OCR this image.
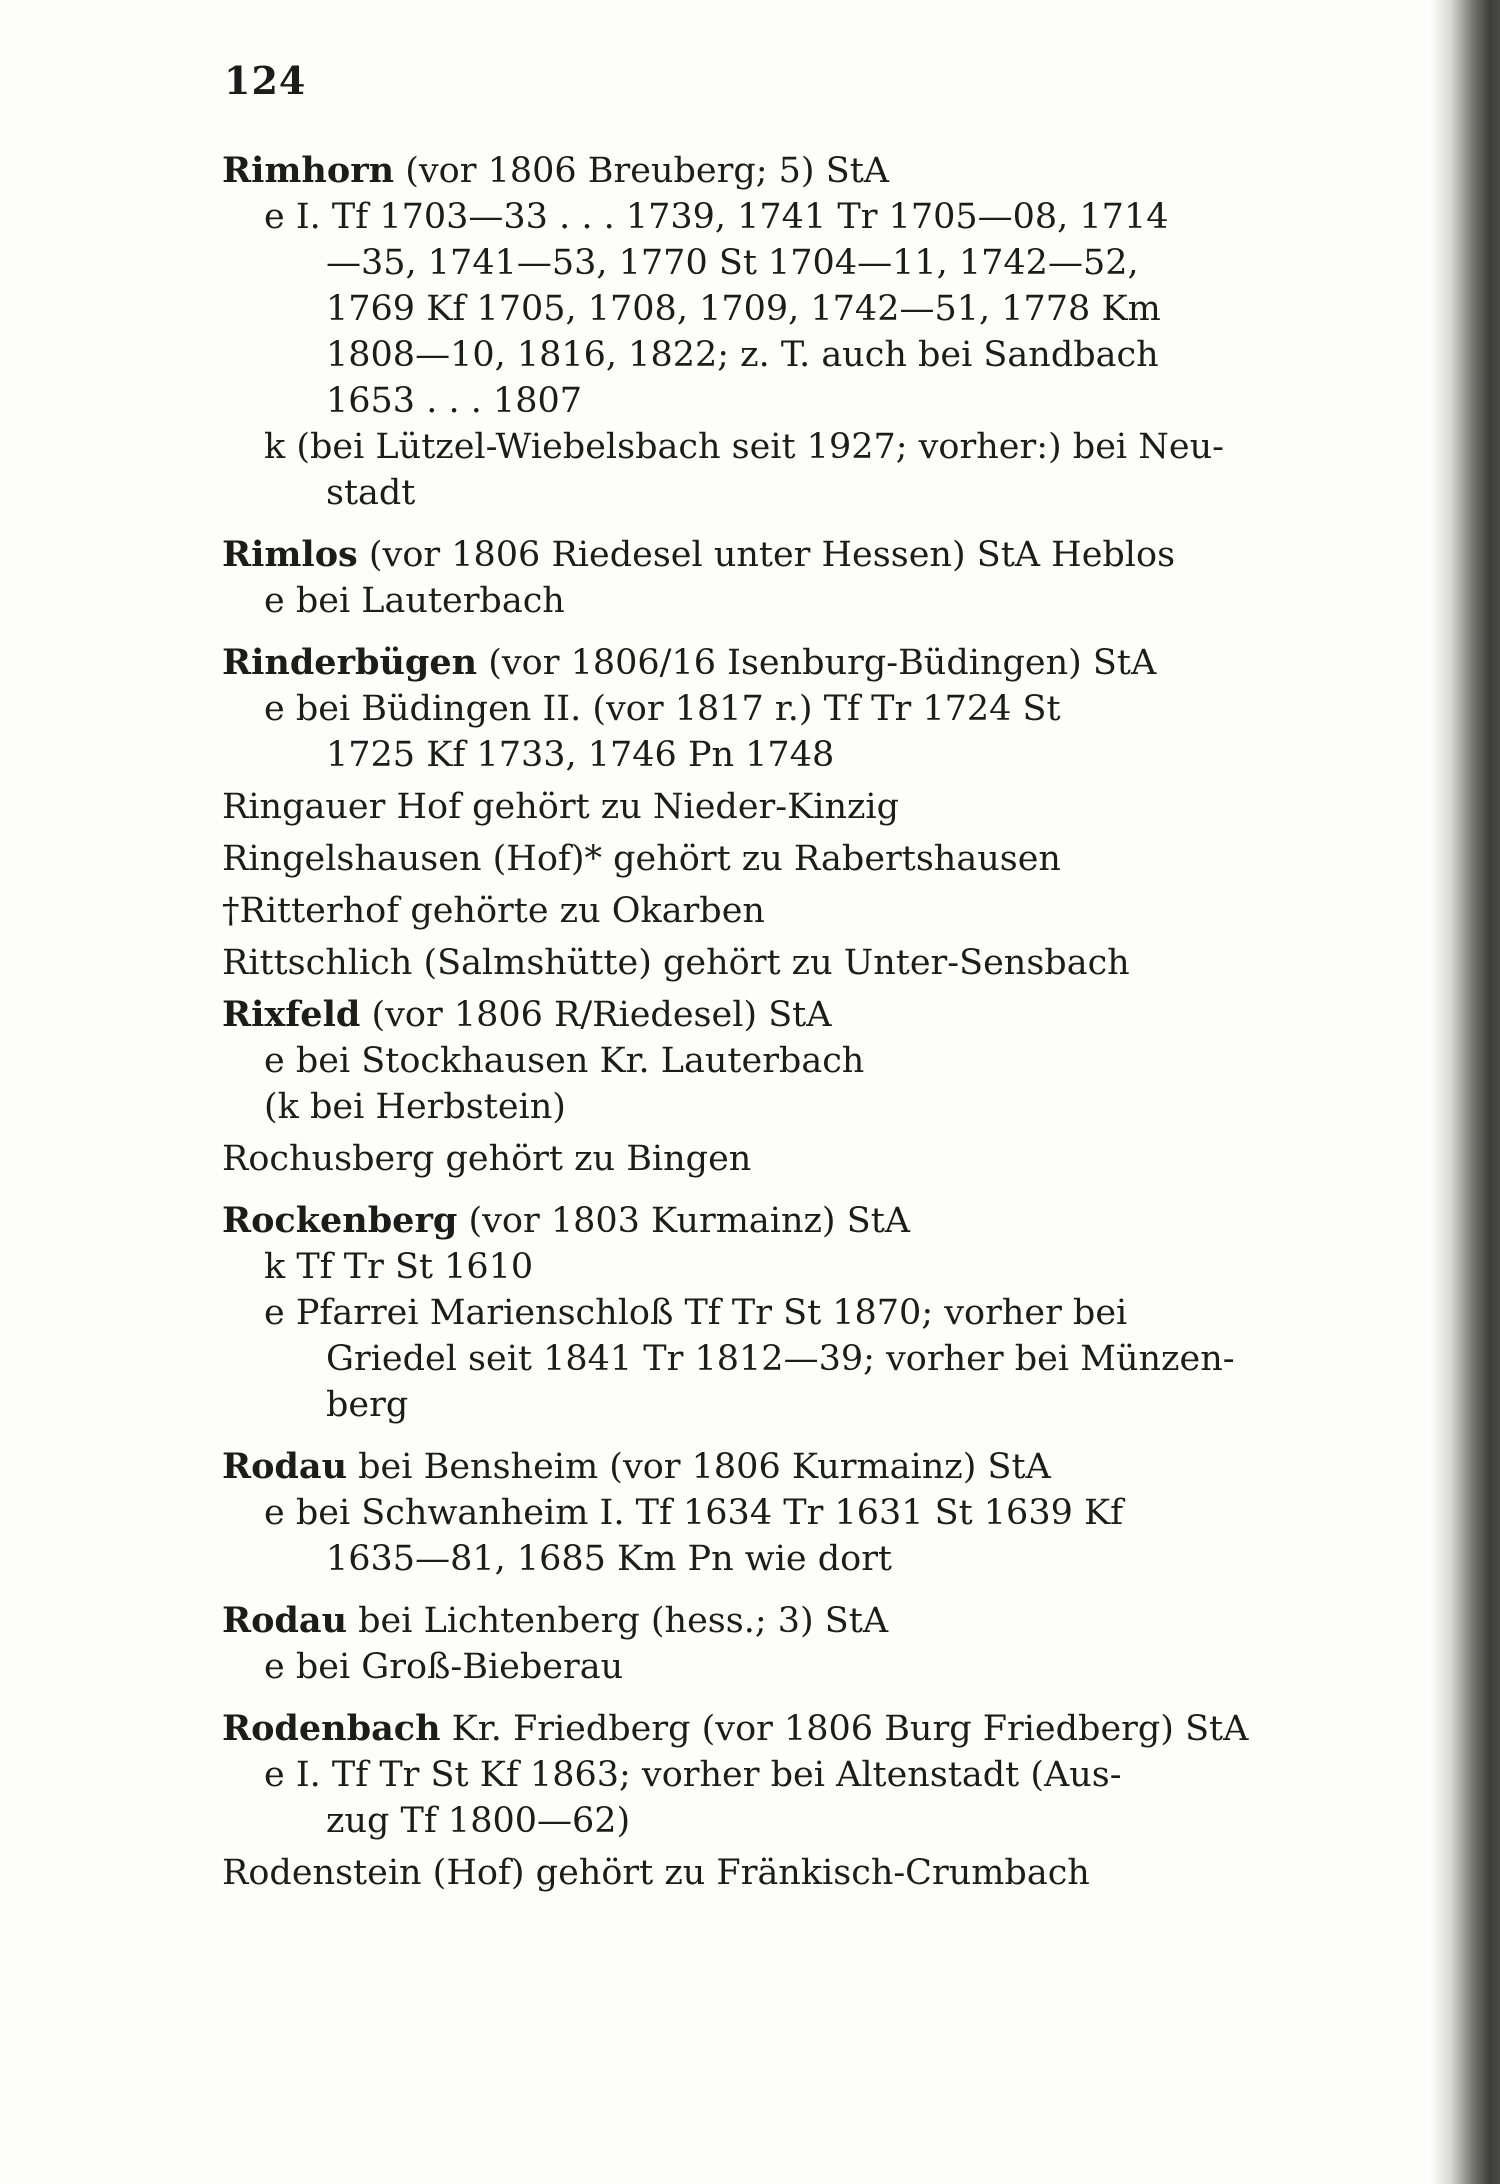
124
Rimhorn (vor 1806 Breuberg; 5) StA
e I. Tf 1703—33 . . . 1739, 1741 Tr 1705—08, 1714
—35, 1741—53, 1770 St 1704—11, 1742—52,
1769 Kf 1705, 1708, 1709, 1742—51, 1778 Km
1808—10, 1816, 1822; z. T. auch bei Sandbach
1653 . . . 1807
k (bei Lützel-Wiebelsbach seit 1927; vorher:) bei Neu-
stadt
Rimlos (vor 1806 Riedesel unter Hessen) StA Heblos
e bei Lauterbach
Rinderbügen (vor 1806/16 Isenburg-Büdingen) StA
e bei Büdingen II. (vor 1817 r.) Tf Tr 1724 St
1725 Kf 1733, 1746 Pn 1748
Ringauer Hof gehört zu Nieder-Kinzig
Ringelshausen (Hof)* gehört zu Rabertshausen
†Ritterhof gehörte zu Okarben
Rittschlich (Salmshütte) gehört zu Unter-Sensbach
Rixfeld (vor 1806 R/Riedesel) StA
e bei Stockhausen Kr. Lauterbach
(k bei Herbstein)
Rochusberg gehört zu Bingen
Rockenberg (vor 1803 Kurmainz) StA
k Tf Tr St 1610
e Pfarrei Marienschloß Tf Tr St 1870; vorher bei
Griedel seit 1841 Tr 1812—39; vorher bei Münzen-
berg
Rodau bei Bensheim (vor 1806 Kurmainz) StA
e bei Schwanheim I. Tf 1634 Tr 1631 St 1639 Kf
1635—81, 1685 Km Pn wie dort
Rodau bei Lichtenberg (hess.; 3) StA
e bei Groß-Bieberau
Rodenbach Kr. Friedberg (vor 1806 Burg Friedberg) StA
e I. Tf Tr St Kf 1863; vorher bei Altenstadt (Aus-
zug Tf 1800—62)
Rodenstein (Hof) gehört zu Fränkisch-Crumbach
